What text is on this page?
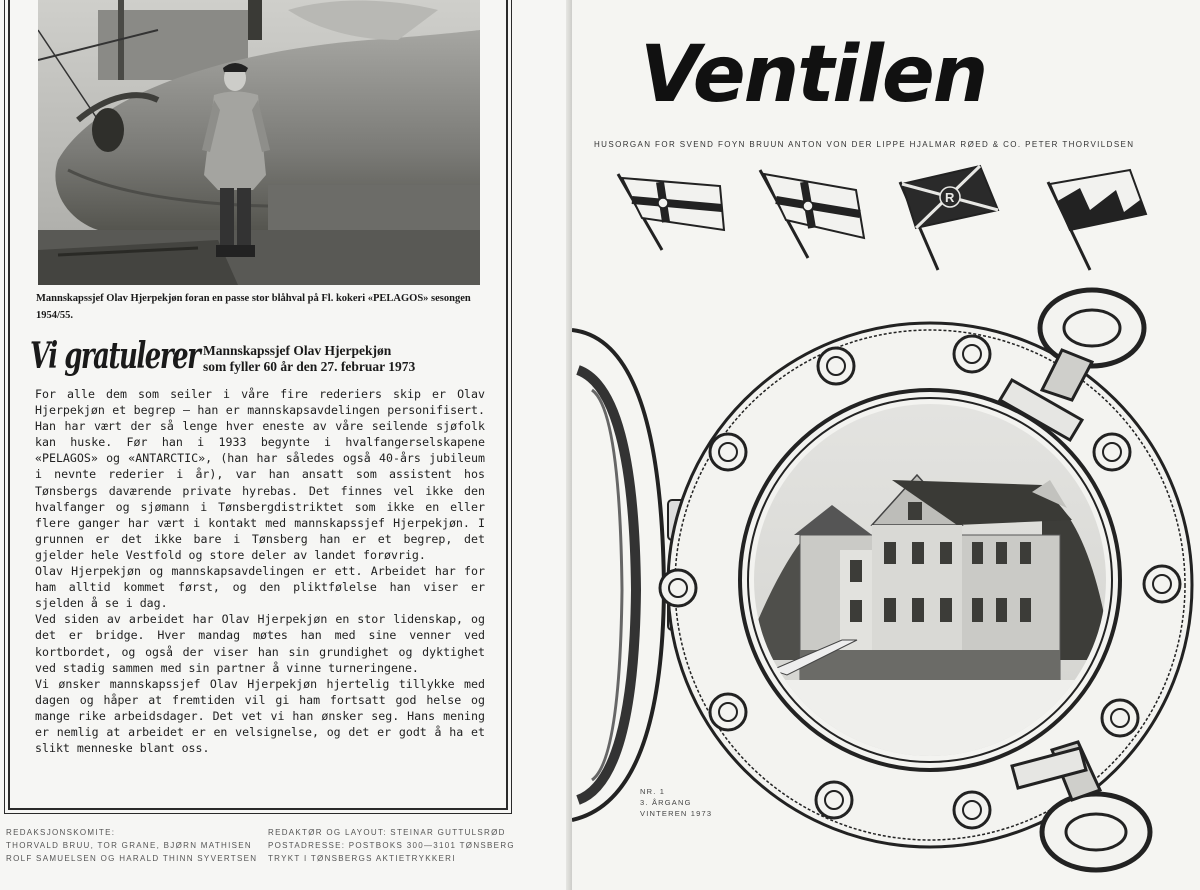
Mannskapssjef Olav Hjerpekjøn foran en passe stor blåhval på Fl. kokeri «PELAGOS» sesongen 1954/55.
Vi gratulerer Mannskapssjef Olav Hjerpekjøn
som fyller 60 år den 27. februar 1973

For alle dem som seiler i våre fire rederiers skip er Olav Hjerpekjøn et begrep — han er mannskapsavdelingen personifisert. Han har vært der så lenge hver eneste av våre seilende sjøfolk kan huske. Før han i 1933 begynte i hvalfangerselskapene «PELAGOS» og «ANTARCTIC», (han har således også 40-års jubileum i nevnte rederier i år), var han ansatt som assistent hos Tønsbergs daværende private hyrebas. Det finnes vel ikke den hvalfanger og sjømann i Tønsbergdistriktet som ikke en eller flere ganger har vært i kontakt med mannskapssjef Hjerpekjøn. I grunnen er det ikke bare i Tønsberg han er et begrep, det gjelder hele Vestfold og store deler av landet forøvrig.

Olav Hjerpekjøn og mannskapsavdelingen er ett. Arbeidet har for ham alltid kommet først, og den pliktfølelse han viser er sjelden å se i dag.

Ved siden av arbeidet har Olav Hjerpekjøn en stor lidenskap, og det er bridge. Hver mandag møtes han med sine venner ved kortbordet, og også der viser han sin grundighet og dyktighet ved stadig sammen med sin partner å vinne turneringene.

Vi ønsker mannskapssjef Olav Hjerpekjøn hjertelig tillykke med dagen og håper at fremtiden vil gi ham fortsatt god helse og mange rike arbeidsdager. Det vet vi han ønsker seg. Hans mening er nemlig at arbeidet er en velsignelse, og det er godt å ha et slikt menneske blant oss.

REDAKSJONSKOMITE:
THORVALD BRUU, TOR GRANE, BJØRN MATHISEN
ROLF SAMUELSEN OG HARALD THINN SYVERTSEN
REDAKTØR OG LAYOUT: STEINAR GUTTULSRØD
POSTADRESSE: POSTBOKS 300—3101 TØNSBERG
TRYKT I TØNSBERGS AKTIETRYKKERI
Ventilen
HUSORGAN FOR SVEND FOYN BRUUN ANTON VON DER LIPPE HJALMAR RØED & CO. PETER THORVILDSEN
R
NR. 1
3. ÅRGANG
VINTEREN 1973
